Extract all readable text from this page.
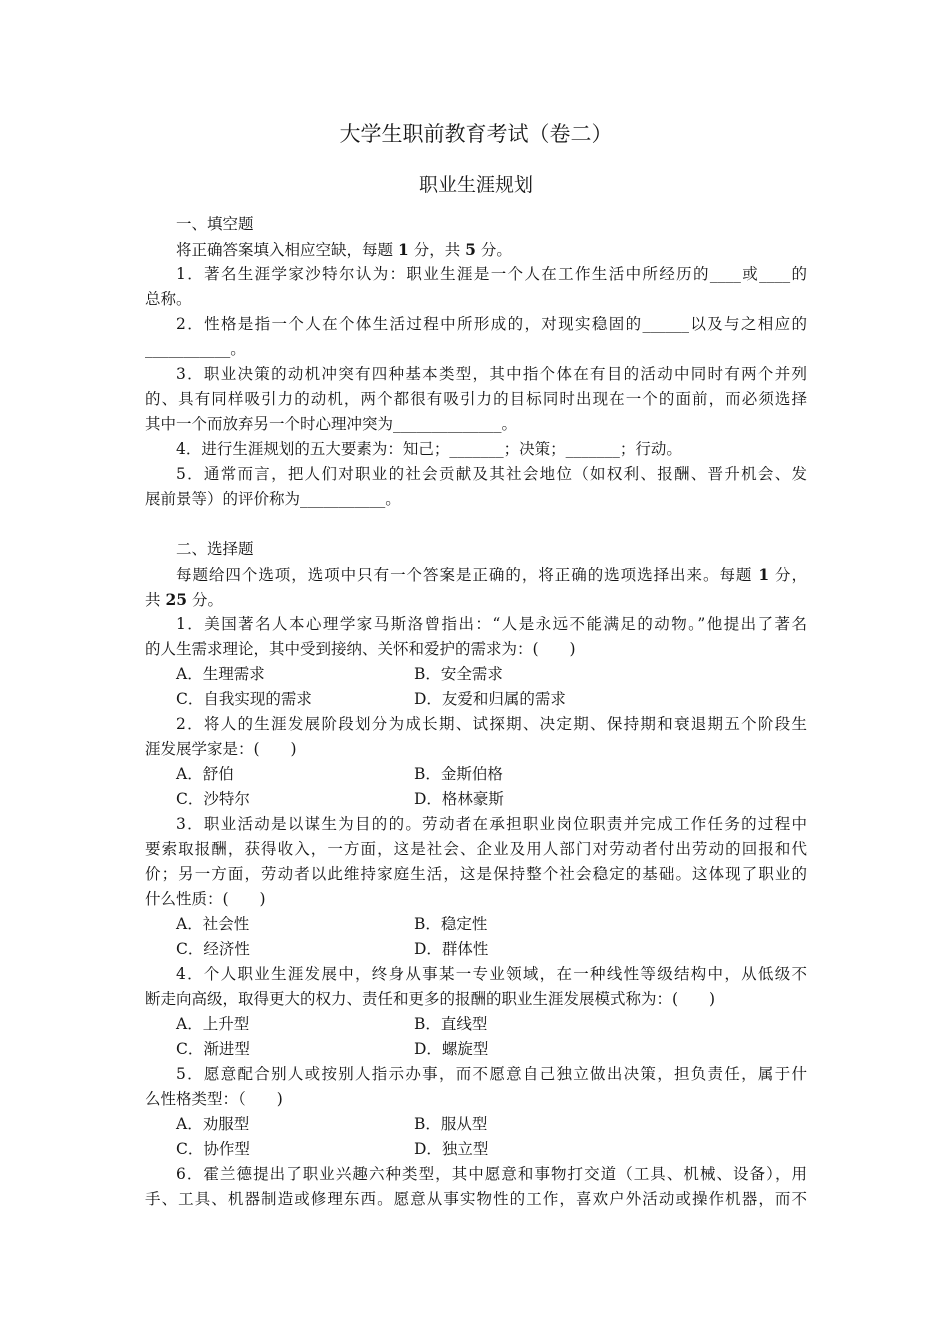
大学生职前教育考试（卷二）
职业生涯规划
一、填空题
将正确答案填入相应空缺，每题 1 分，共 5 分。
1．著名生涯学家沙特尔认为：职业生涯是一个人在工作生活中所经历的____或____的
总称。
2．性格是指一个人在个体生活过程中所形成的，对现实稳固的______以及与之相应的
___________。
3．职业决策的动机冲突有四种基本类型，其中指个体在有目的活动中同时有两个并列
的、具有同样吸引力的动机，两个都很有吸引力的目标同时出现在一个的面前，而必须选择
其中一个而放弃另一个时心理冲突为______________。
4．进行生涯规划的五大要素为：知己；_______；决策；_______；行动。
5．通常而言，把人们对职业的社会贡献及其社会地位（如权利、报酬、晋升机会、发
展前景等）的评价称为___________。
二、选择题
每题给四个选项，选项中只有一个答案是正确的，将正确的选项选择出来。每题 1 分，
共 25 分。
1．美国著名人本心理学家马斯洛曾指出：“人是永远不能满足的动物。”他提出了著名
的人生需求理论，其中受到接纳、关怀和爱护的需求为：(　　)
A．生理需求	B．安全需求
C．自我实现的需求	D．友爱和归属的需求
2．将人的生涯发展阶段划分为成长期、试探期、决定期、保持期和衰退期五个阶段生
涯发展学家是：(　　)
A．舒伯	B．金斯伯格
C．沙特尔	D．格林豪斯
3．职业活动是以谋生为目的的。劳动者在承担职业岗位职责并完成工作任务的过程中
要索取报酬，获得收入，一方面，这是社会、企业及用人部门对劳动者付出劳动的回报和代
价；另一方面，劳动者以此维持家庭生活，这是保持整个社会稳定的基础。这体现了职业的
什么性质：(　　)
A．社会性	B．稳定性
C．经济性	D．群体性
4．个人职业生涯发展中，终身从事某一专业领域，在一种线性等级结构中，从低级不
断走向高级，取得更大的权力、责任和更多的报酬的职业生涯发展模式称为：(　　)
A．上升型	B．直线型
C．渐进型	D．螺旋型
5．愿意配合别人或按别人指示办事，而不愿意自己独立做出决策，担负责任，属于什
么性格类型：（　　)
A．劝服型	B．服从型
C．协作型	D．独立型
6．霍兰德提出了职业兴趣六种类型，其中愿意和事物打交道（工具、机械、设备），用
手、工具、机器制造或修理东西。愿意从事实物性的工作，喜欢户外活动或操作机器，而不
